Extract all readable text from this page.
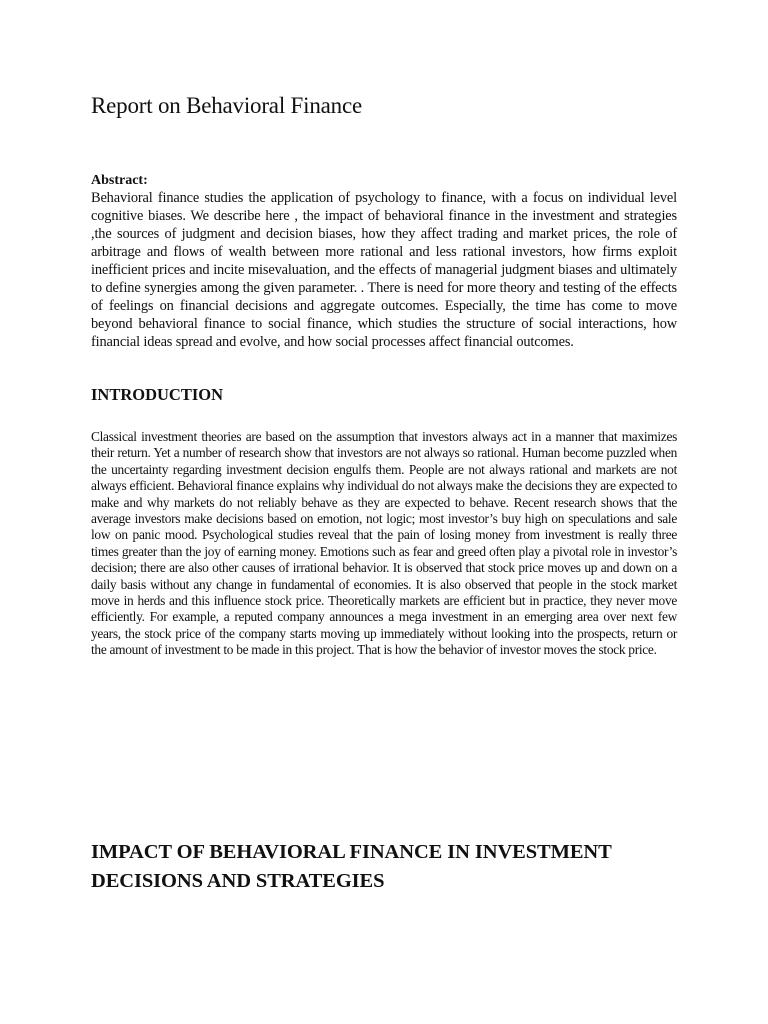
Report on Behavioral Finance
Abstract:

Behavioral finance studies the application of psychology to finance, with a focus on individual level cognitive biases. We describe here , the impact of behavioral finance in the investment and strategies ,the sources of judgment and decision biases, how they affect trading and market prices, the role of arbitrage and flows of wealth between more rational and less rational investors, how firms exploit inefficient prices and incite misevaluation, and the effects of managerial judgment biases and ultimately to define synergies among the given parameter. . There is need for more theory and testing of the effects of feelings on financial decisions and aggregate outcomes. Especially, the time has come to move beyond behavioral finance to social finance, which studies the structure of social interactions, how financial ideas spread and evolve, and how social processes affect financial outcomes.

INTRODUCTION

Classical investment theories are based on the assumption that investors always act in a manner that maximizes their return. Yet a number of research show that investors are not always so rational. Human become puzzled when the uncertainty regarding investment decision engulfs them. People are not always rational and markets are not always efficient. Behavioral finance explains why individual do not always make the decisions they are expected to make and why markets do not reliably behave as they are expected to behave. Recent research shows that the average investors make decisions based on emotion, not logic; most investor’s buy high on speculations and sale low on panic mood. Psychological studies reveal that the pain of losing money from investment is really three times greater than the joy of earning money. Emotions such as fear and greed often play a pivotal role in investor’s decision; there are also other causes of irrational behavior. It is observed that stock price moves up and down on a daily basis without any change in fundamental of economies. It is also observed that people in the stock market move in herds and this influence stock price. Theoretically markets are efficient but in practice, they never move efficiently. For example, a reputed company announces a mega investment in an emerging area over next few years, the stock price of the company starts moving up immediately without looking into the prospects, return or the amount of investment to be made in this project. That is how the behavior of investor moves the stock price.

IMPACT OF BEHAVIORAL FINANCE IN INVESTMENT DECISIONS AND STRATEGIES
